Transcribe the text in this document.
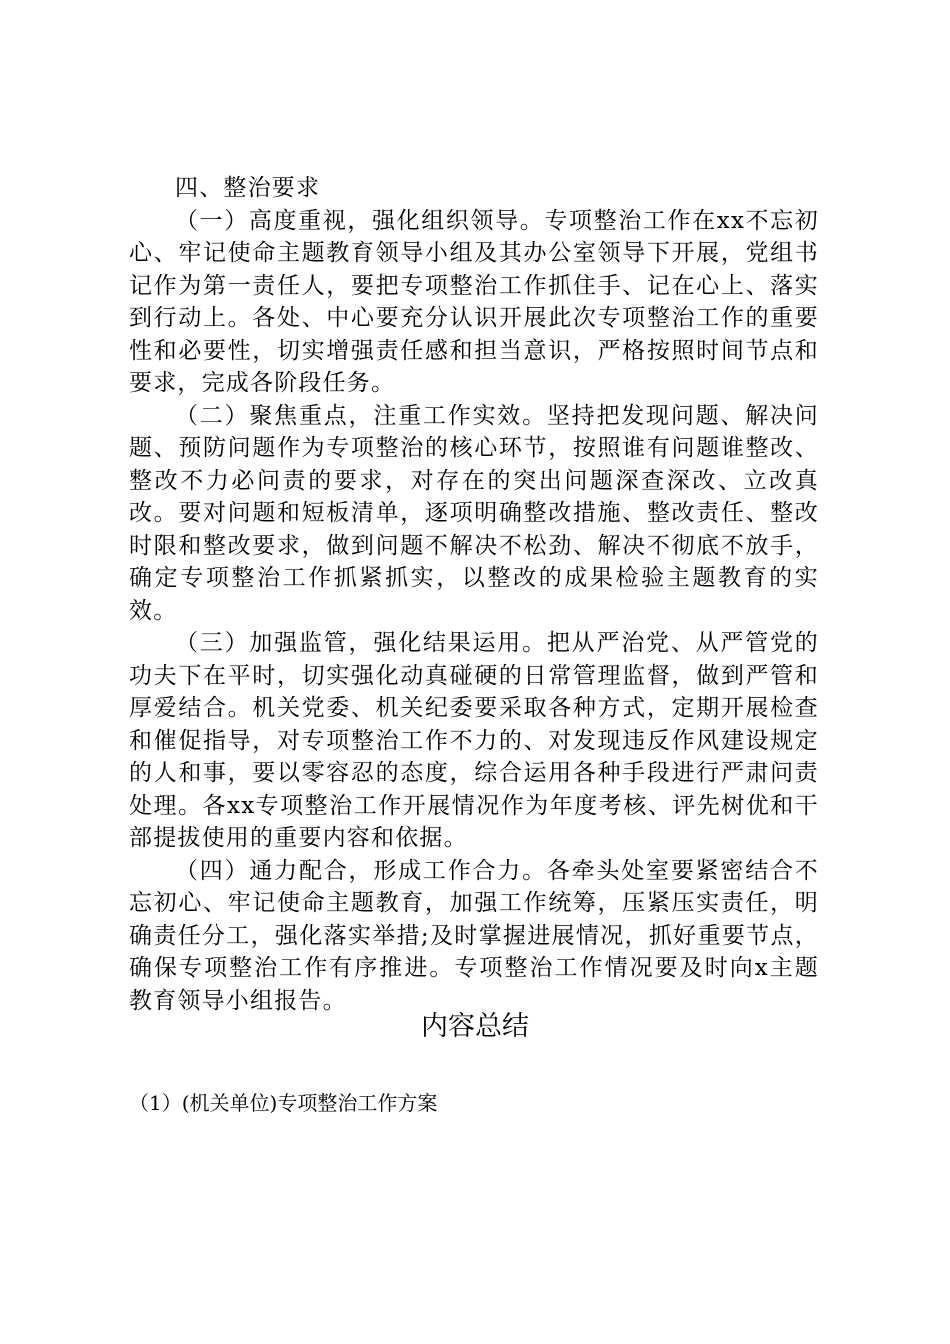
四、整治要求

（一）高度重视，强化组织领导。专项整治工作在xx不忘初心、牢记使命主题教育领导小组及其办公室领导下开展，党组书记作为第一责任人，要把专项整治工作抓住手、记在心上、落实到行动上。各处、中心要充分认识开展此次专项整治工作的重要性和必要性，切实增强责任感和担当意识，严格按照时间节点和要求，完成各阶段任务。

（二）聚焦重点，注重工作实效。坚持把发现问题、解决问题、预防问题作为专项整治的核心环节，按照谁有问题谁整改、整改不力必问责的要求，对存在的突出问题深查深改、立改真改。要对问题和短板清单，逐项明确整改措施、整改责任、整改时限和整改要求，做到问题不解决不松劲、解决不彻底不放手，确定专项整治工作抓紧抓实，以整改的成果检验主题教育的实效。

（三）加强监管，强化结果运用。把从严治党、从严管党的功夫下在平时，切实强化动真碰硬的日常管理监督，做到严管和厚爱结合。机关党委、机关纪委要采取各种方式，定期开展检查和催促指导，对专项整治工作不力的、对发现违反作风建设规定的人和事，要以零容忍的态度，综合运用各种手段进行严肃问责处理。各xx专项整治工作开展情况作为年度考核、评先树优和干部提拔使用的重要内容和依据。

（四）通力配合，形成工作合力。各牵头处室要紧密结合不忘初心、牢记使命主题教育，加强工作统筹，压紧压实责任，明确责任分工，强化落实举措;及时掌握进展情况，抓好重要节点，确保专项整治工作有序推进。专项整治工作情况要及时向x主题教育领导小组报告。

内容总结
（1）(机关单位)专项整治工作方案
